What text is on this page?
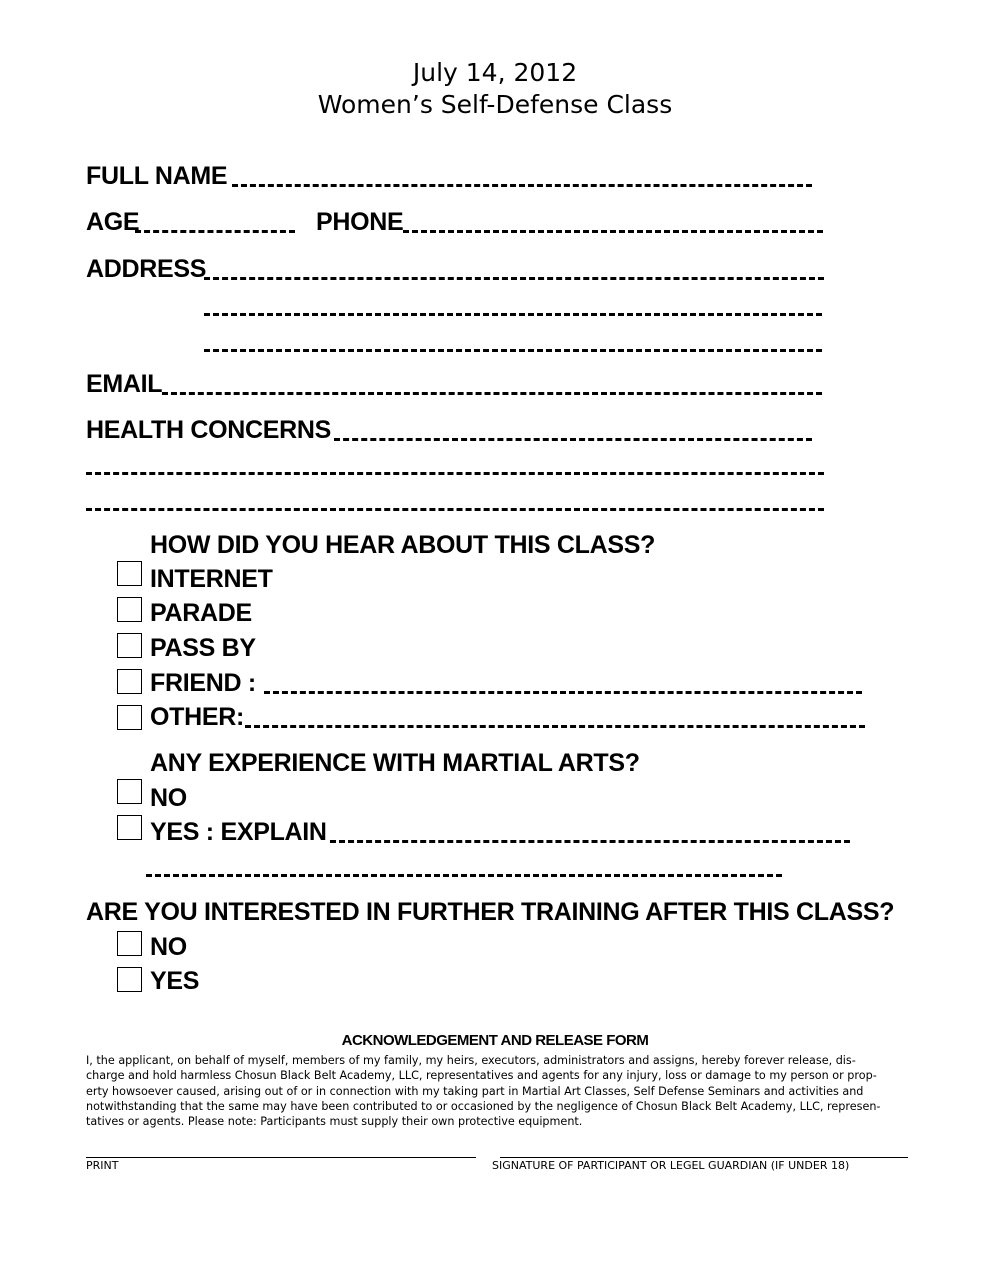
July 14, 2012
Women’s Self-Defense Class
FULL NAME
AGE	PHONE
ADDRESS
EMAIL
HEALTH CONCERNS
HOW DID YOU HEAR ABOUT THIS CLASS?
INTERNET
PARADE
PASS BY
FRIEND :
OTHER:
ANY EXPERIENCE WITH MARTIAL ARTS?
NO
YES : EXPLAIN
ARE YOU INTERESTED IN FURTHER TRAINING AFTER THIS CLASS?
NO
YES
ACKNOWLEDGEMENT AND RELEASE FORM
I, the applicant, on behalf of myself, members of my family, my heirs, executors, administrators and assigns, hereby forever release, dis-
charge and hold harmless Chosun Black Belt Academy, LLC, representatives and agents for any injury, loss or damage to my person or prop-
erty howsoever caused, arising out of or in connection with my taking part in Martial Art Classes, Self Defense Seminars and activities and
notwithstanding that the same may have been contributed to or occasioned by the negligence of Chosun Black Belt Academy, LLC, represen-
tatives or agents. Please note: Participants must supply their own protective equipment.
PRINT	SIGNATURE OF PARTICIPANT OR LEGEL GUARDIAN (IF UNDER 18)
